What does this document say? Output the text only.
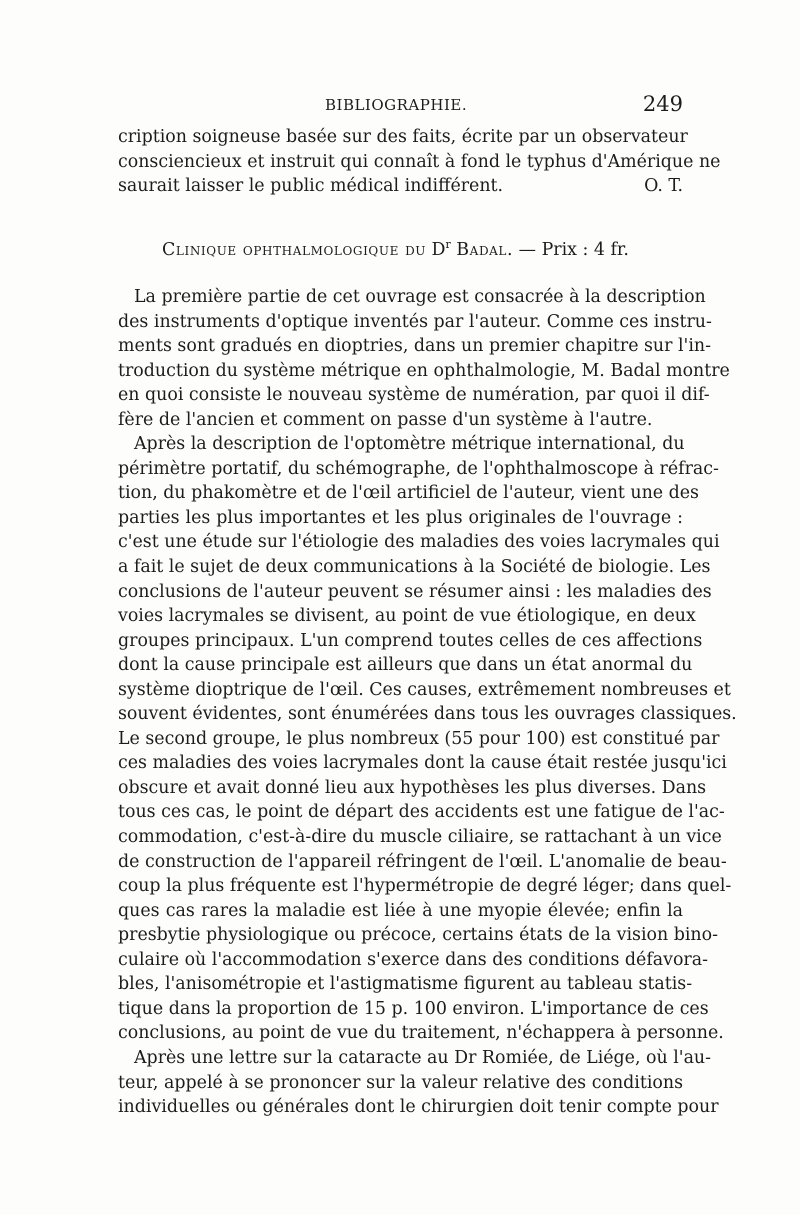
BIBLIOGRAPHIE.	249
cription soigneuse basée sur des faits, écrite par un observateur
consciencieux et instruit qui connaît à fond le typhus d'Amérique ne
saurait laisser le public médical indifférent.	O. T.
Clinique ophthalmologique du $D^r$ Badal. — Prix : 4 fr.
La première partie de cet ouvrage est consacrée à la description
des instruments d'optique inventés par l'auteur. Comme ces instru-
ments sont gradués en dioptries, dans un premier chapitre sur l'in-
troduction du système métrique en ophthalmologie, M. Badal montre
en quoi consiste le nouveau système de numération, par quoi il dif-
fère de l'ancien et comment on passe d'un système à l'autre.
Après la description de l'optomètre métrique international, du
périmètre portatif, du schémographe, de l'ophthalmoscope à réfrac-
tion, du phakomètre et de l'œil artificiel de l'auteur, vient une des
parties les plus importantes et les plus originales de l'ouvrage :
c'est une étude sur l'étiologie des maladies des voies lacrymales qui
a fait le sujet de deux communications à la Société de biologie. Les
conclusions de l'auteur peuvent se résumer ainsi : les maladies des
voies lacrymales se divisent, au point de vue étiologique, en deux
groupes principaux. L'un comprend toutes celles de ces affections
dont la cause principale est ailleurs que dans un état anormal du
système dioptrique de l'œil. Ces causes, extrêmement nombreuses et
souvent évidentes, sont énumérées dans tous les ouvrages classiques.
Le second groupe, le plus nombreux (55 pour 100) est constitué par
ces maladies des voies lacrymales dont la cause était restée jusqu'ici
obscure et avait donné lieu aux hypothèses les plus diverses. Dans
tous ces cas, le point de départ des accidents est une fatigue de l'ac-
commodation, c'est-à-dire du muscle ciliaire, se rattachant à un vice
de construction de l'appareil réfringent de l'œil. L'anomalie de beau-
coup la plus fréquente est l'hypermétropie de degré léger; dans quel-
ques cas rares la maladie est liée à une myopie élevée; enfin la
presbytie physiologique ou précoce, certains états de la vision bino-
culaire où l'accommodation s'exerce dans des conditions défavora-
bles, l'anisométropie et l'astigmatisme figurent au tableau statis-
tique dans la proportion de 15 p. 100 environ. L'importance de ces
conclusions, au point de vue du traitement, n'échappera à personne.
Après une lettre sur la cataracte au Dr Romiée, de Liége, où l'au-
teur, appelé à se prononcer sur la valeur relative des conditions
individuelles ou générales dont le chirurgien doit tenir compte pour
